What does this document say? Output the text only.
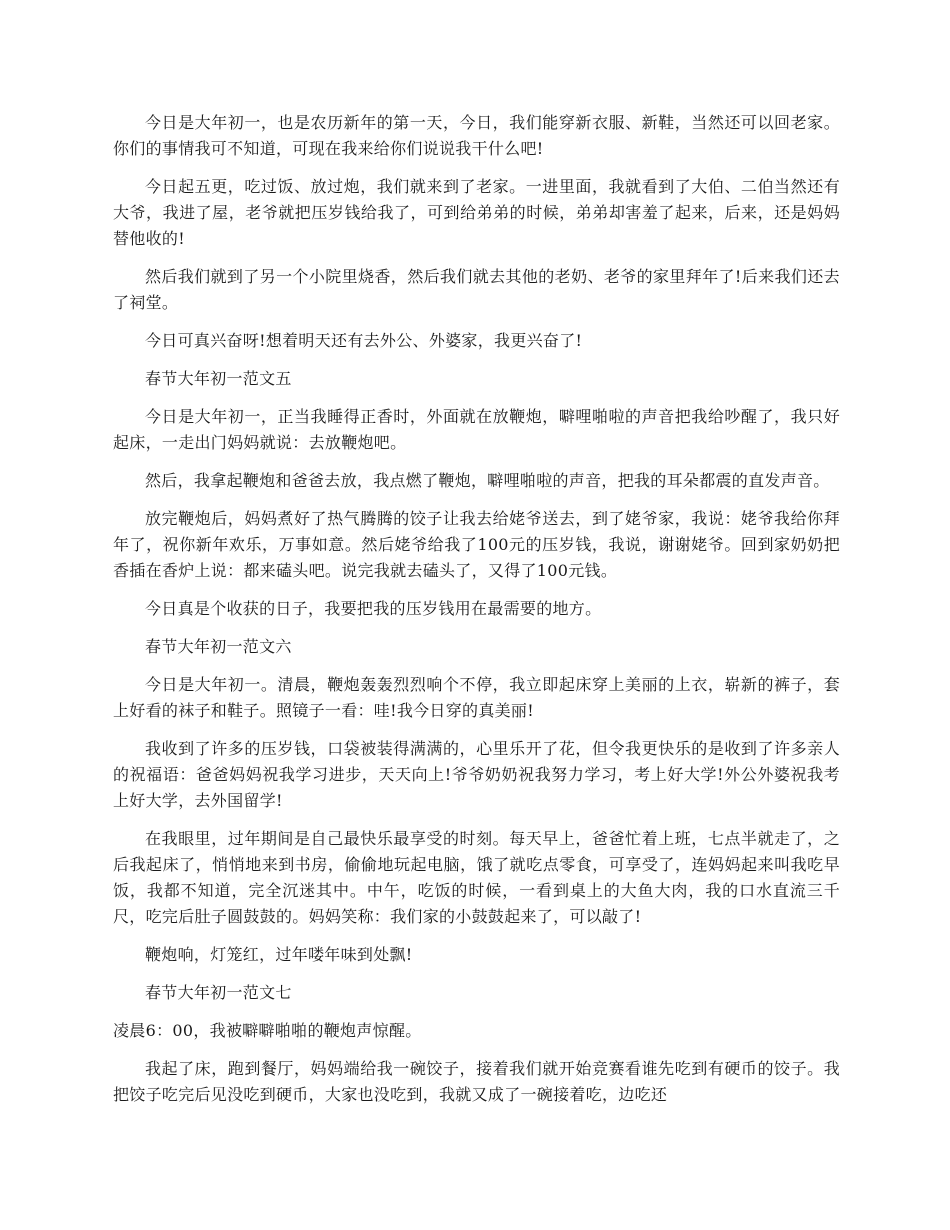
今日是大年初一，也是农历新年的第一天，今日，我们能穿新衣服、新鞋，当然还可以回老家。你们的事情我可不知道，可现在我来给你们说说我干什么吧!

今日起五更，吃过饭、放过炮，我们就来到了老家。一进里面，我就看到了大伯、二伯当然还有大爷，我进了屋，老爷就把压岁钱给我了，可到给弟弟的时候，弟弟却害羞了起来，后来，还是妈妈替他收的!

然后我们就到了另一个小院里烧香，然后我们就去其他的老奶、老爷的家里拜年了!后来我们还去了祠堂。

今日可真兴奋呀!想着明天还有去外公、外婆家，我更兴奋了!

春节大年初一范文五

今日是大年初一，正当我睡得正香时，外面就在放鞭炮，噼哩啪啦的声音把我给吵醒了，我只好起床，一走出门妈妈就说：去放鞭炮吧。

然后，我拿起鞭炮和爸爸去放，我点燃了鞭炮，噼哩啪啦的声音，把我的耳朵都震的直发声音。

放完鞭炮后，妈妈煮好了热气腾腾的饺子让我去给姥爷送去，到了姥爷家，我说：姥爷我给你拜年了，祝你新年欢乐，万事如意。然后姥爷给我了100元的压岁钱，我说，谢谢姥爷。回到家奶奶把香插在香炉上说：都来磕头吧。说完我就去磕头了，又得了100元钱。

今日真是个收获的日子，我要把我的压岁钱用在最需要的地方。

春节大年初一范文六

今日是大年初一。清晨，鞭炮轰轰烈烈响个不停，我立即起床穿上美丽的上衣，崭新的裤子，套上好看的袜子和鞋子。照镜子一看：哇!我今日穿的真美丽!

我收到了许多的压岁钱，口袋被装得满满的，心里乐开了花，但令我更快乐的是收到了许多亲人的祝福语：爸爸妈妈祝我学习进步，天天向上!爷爷奶奶祝我努力学习，考上好大学!外公外婆祝我考上好大学，去外国留学!

在我眼里，过年期间是自己最快乐最享受的时刻。每天早上，爸爸忙着上班，七点半就走了，之后我起床了，悄悄地来到书房，偷偷地玩起电脑，饿了就吃点零食，可享受了，连妈妈起来叫我吃早饭，我都不知道，完全沉迷其中。中午，吃饭的时候，一看到桌上的大鱼大肉，我的口水直流三千尺，吃完后肚子圆鼓鼓的。妈妈笑称：我们家的小鼓鼓起来了，可以敲了!

鞭炮响，灯笼红，过年喽年味到处飘!

春节大年初一范文七

凌晨6：00，我被噼噼啪啪的鞭炮声惊醒。

我起了床，跑到餐厅，妈妈端给我一碗饺子，接着我们就开始竞赛看谁先吃到有硬币的饺子。我把饺子吃完后见没吃到硬币，大家也没吃到，我就又成了一碗接着吃，边吃还
